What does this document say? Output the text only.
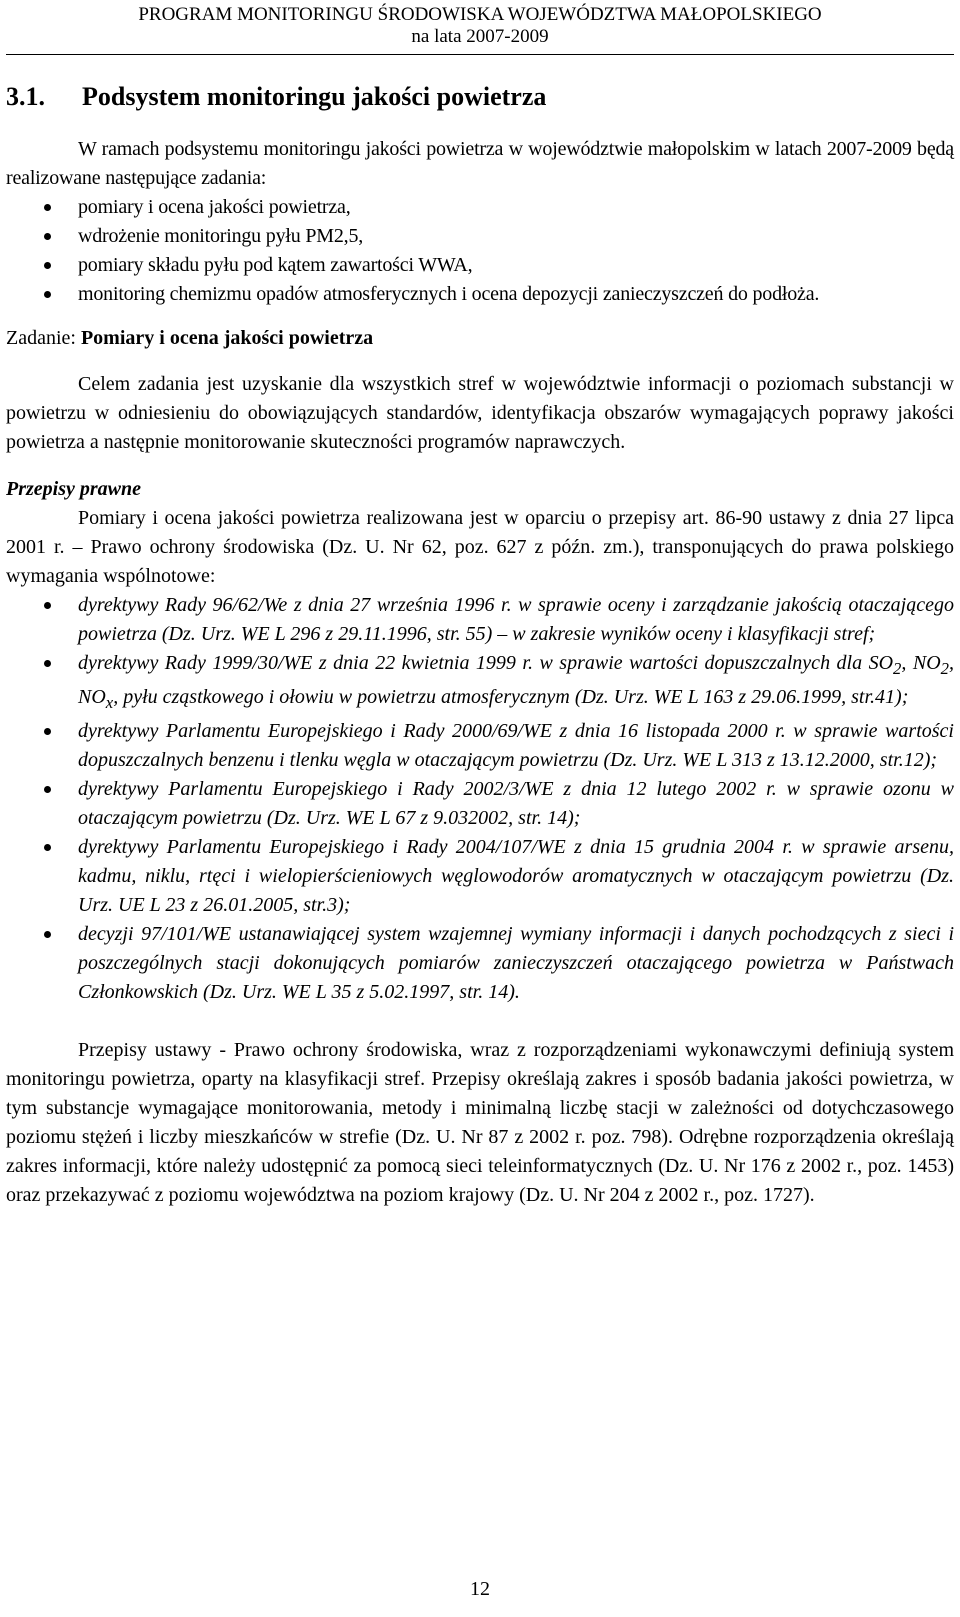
PROGRAM MONITORINGU ŚRODOWISKA WOJEWÓDZTWA MAŁOPOLSKIEGO
na lata 2007-2009
3.1. Podsystem monitoringu jakości powietrza

W ramach podsystemu monitoringu jakości powietrza w województwie małopolskim w latach 2007-2009 będą realizowane następujące zadania:

pomiary i ocena jakości powietrza,
wdrożenie monitoringu pyłu PM2,5,
pomiary składu pyłu pod kątem zawartości WWA,
monitoring chemizmu opadów atmosferycznych i ocena depozycji zanieczyszczeń do podłoża.

Zadanie: Pomiary i ocena jakości powietrza

Celem zadania jest uzyskanie dla wszystkich stref w województwie informacji o poziomach substancji w powietrzu w odniesieniu do obowiązujących standardów, identyfikacja obszarów wymagających poprawy jakości powietrza a następnie monitorowanie skuteczności programów naprawczych.

Przepisy prawne

Pomiary i ocena jakości powietrza realizowana jest w oparciu o przepisy art. 86-90 ustawy z dnia 27 lipca 2001 r. – Prawo ochrony środowiska (Dz. U. Nr 62, poz. 627 z późn. zm.), transponujących do prawa polskiego wymagania wspólnotowe:

dyrektywy Rady 96/62/We z dnia 27 września 1996 r. w sprawie oceny i zarządzanie jakością otaczającego powietrza (Dz. Urz. WE L 296 z 29.11.1996, str. 55) – w zakresie wyników oceny i klasyfikacji stref;
dyrektywy Rady 1999/30/WE z dnia 22 kwietnia 1999 r. w sprawie wartości dopuszczalnych dla $SO_2$, $NO_2$, $NO_x$, pyłu cząstkowego i ołowiu w powietrzu atmosferycznym (Dz. Urz. WE L 163 z 29.06.1999, str.41);
dyrektywy Parlamentu Europejskiego i Rady 2000/69/WE z dnia 16 listopada 2000 r. w sprawie wartości dopuszczalnych benzenu i tlenku węgla w otaczającym powietrzu (Dz. Urz. WE L 313 z 13.12.2000, str.12);
dyrektywy Parlamentu Europejskiego i Rady 2002/3/WE z dnia 12 lutego 2002 r. w sprawie ozonu w otaczającym powietrzu (Dz. Urz. WE L 67 z 9.032002, str. 14);
dyrektywy Parlamentu Europejskiego i Rady 2004/107/WE z dnia 15 grudnia 2004 r. w sprawie arsenu, kadmu, niklu, rtęci i wielopierścieniowych węglowodorów aromatycznych w otaczającym powietrzu (Dz. Urz. UE L 23 z 26.01.2005, str.3);
decyzji 97/101/WE ustanawiającej system wzajemnej wymiany informacji i danych pochodzących z sieci i poszczególnych stacji dokonujących pomiarów zanieczyszczeń otaczającego powietrza w Państwach Członkowskich (Dz. Urz. WE L 35 z 5.02.1997, str. 14).

Przepisy ustawy - Prawo ochrony środowiska, wraz z rozporządzeniami wykonawczymi definiują system monitoringu powietrza, oparty na klasyfikacji stref. Przepisy określają zakres i sposób badania jakości powietrza, w tym substancje wymagające monitorowania, metody i minimalną liczbę stacji w zależności od dotychczasowego poziomu stężeń i liczby mieszkańców w strefie (Dz. U. Nr 87 z 2002 r. poz. 798). Odrębne rozporządzenia określają zakres informacji, które należy udostępnić za pomocą sieci teleinformatycznych (Dz. U. Nr 176 z 2002 r., poz. 1453) oraz przekazywać z poziomu województwa na poziom krajowy (Dz. U. Nr 204 z 2002 r., poz. 1727).

12
